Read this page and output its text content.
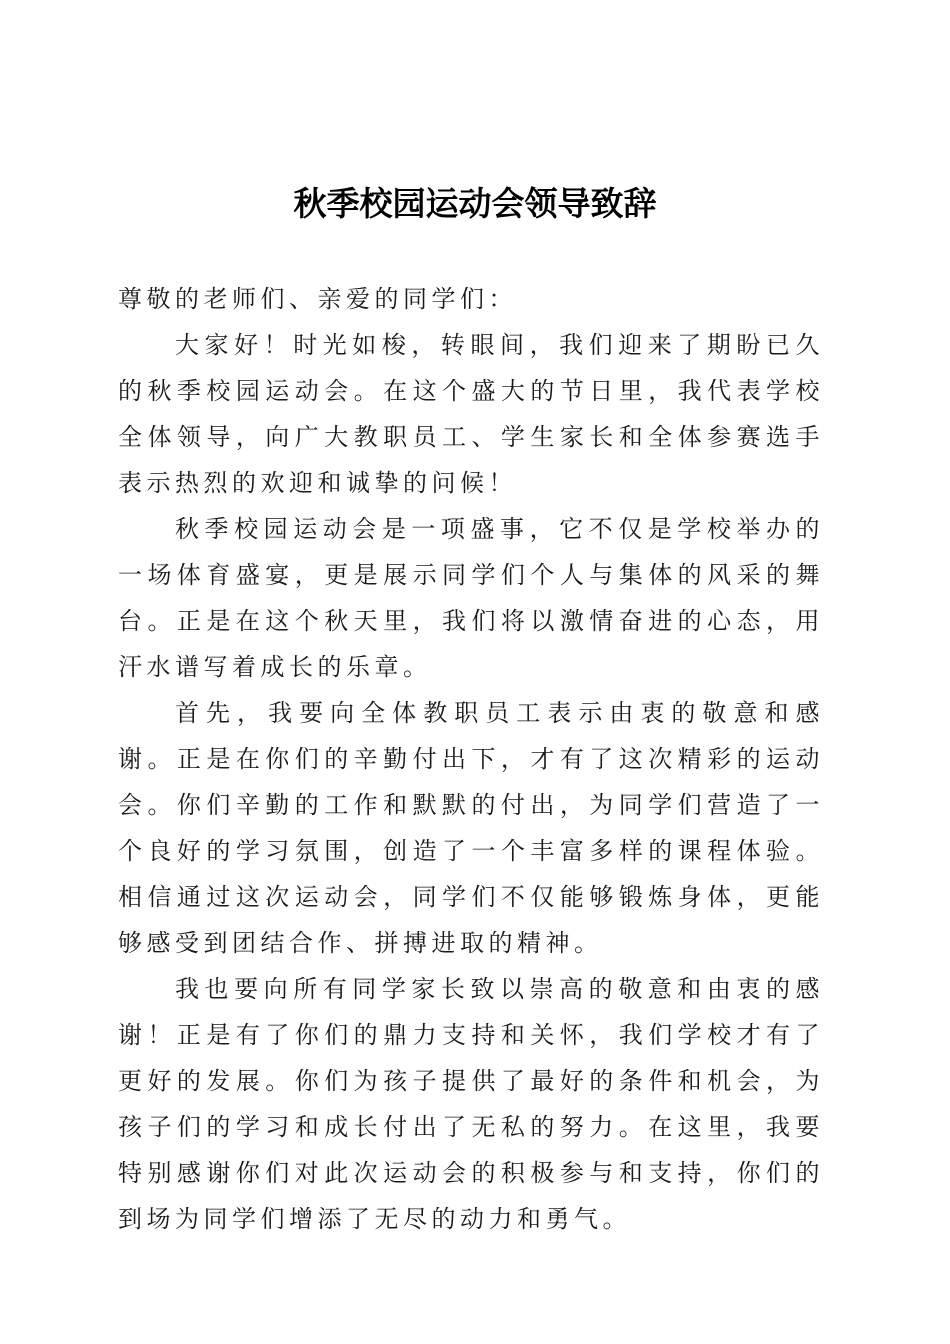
秋季校园运动会领导致辞

尊敬的老师们、亲爱的同学们：

大家好！时光如梭，转眼间，我们迎来了期盼已久的秋季校园运动会。在这个盛大的节日里，我代表学校全体领导，向广大教职员工、学生家长和全体参赛选手表示热烈的欢迎和诚挚的问候！

秋季校园运动会是一项盛事，它不仅是学校举办的一场体育盛宴，更是展示同学们个人与集体的风采的舞台。正是在这个秋天里，我们将以激情奋进的心态，用汗水谱写着成长的乐章。

首先，我要向全体教职员工表示由衷的敬意和感谢。正是在你们的辛勤付出下，才有了这次精彩的运动会。你们辛勤的工作和默默的付出，为同学们营造了一个良好的学习氛围，创造了一个丰富多样的课程体验。相信通过这次运动会，同学们不仅能够锻炼身体，更能够感受到团结合作、拼搏进取的精神。

我也要向所有同学家长致以崇高的敬意和由衷的感谢！正是有了你们的鼎力支持和关怀，我们学校才有了更好的发展。你们为孩子提供了最好的条件和机会，为孩子们的学习和成长付出了无私的努力。在这里，我要特别感谢你们对此次运动会的积极参与和支持，你们的到场为同学们增添了无尽的动力和勇气。
